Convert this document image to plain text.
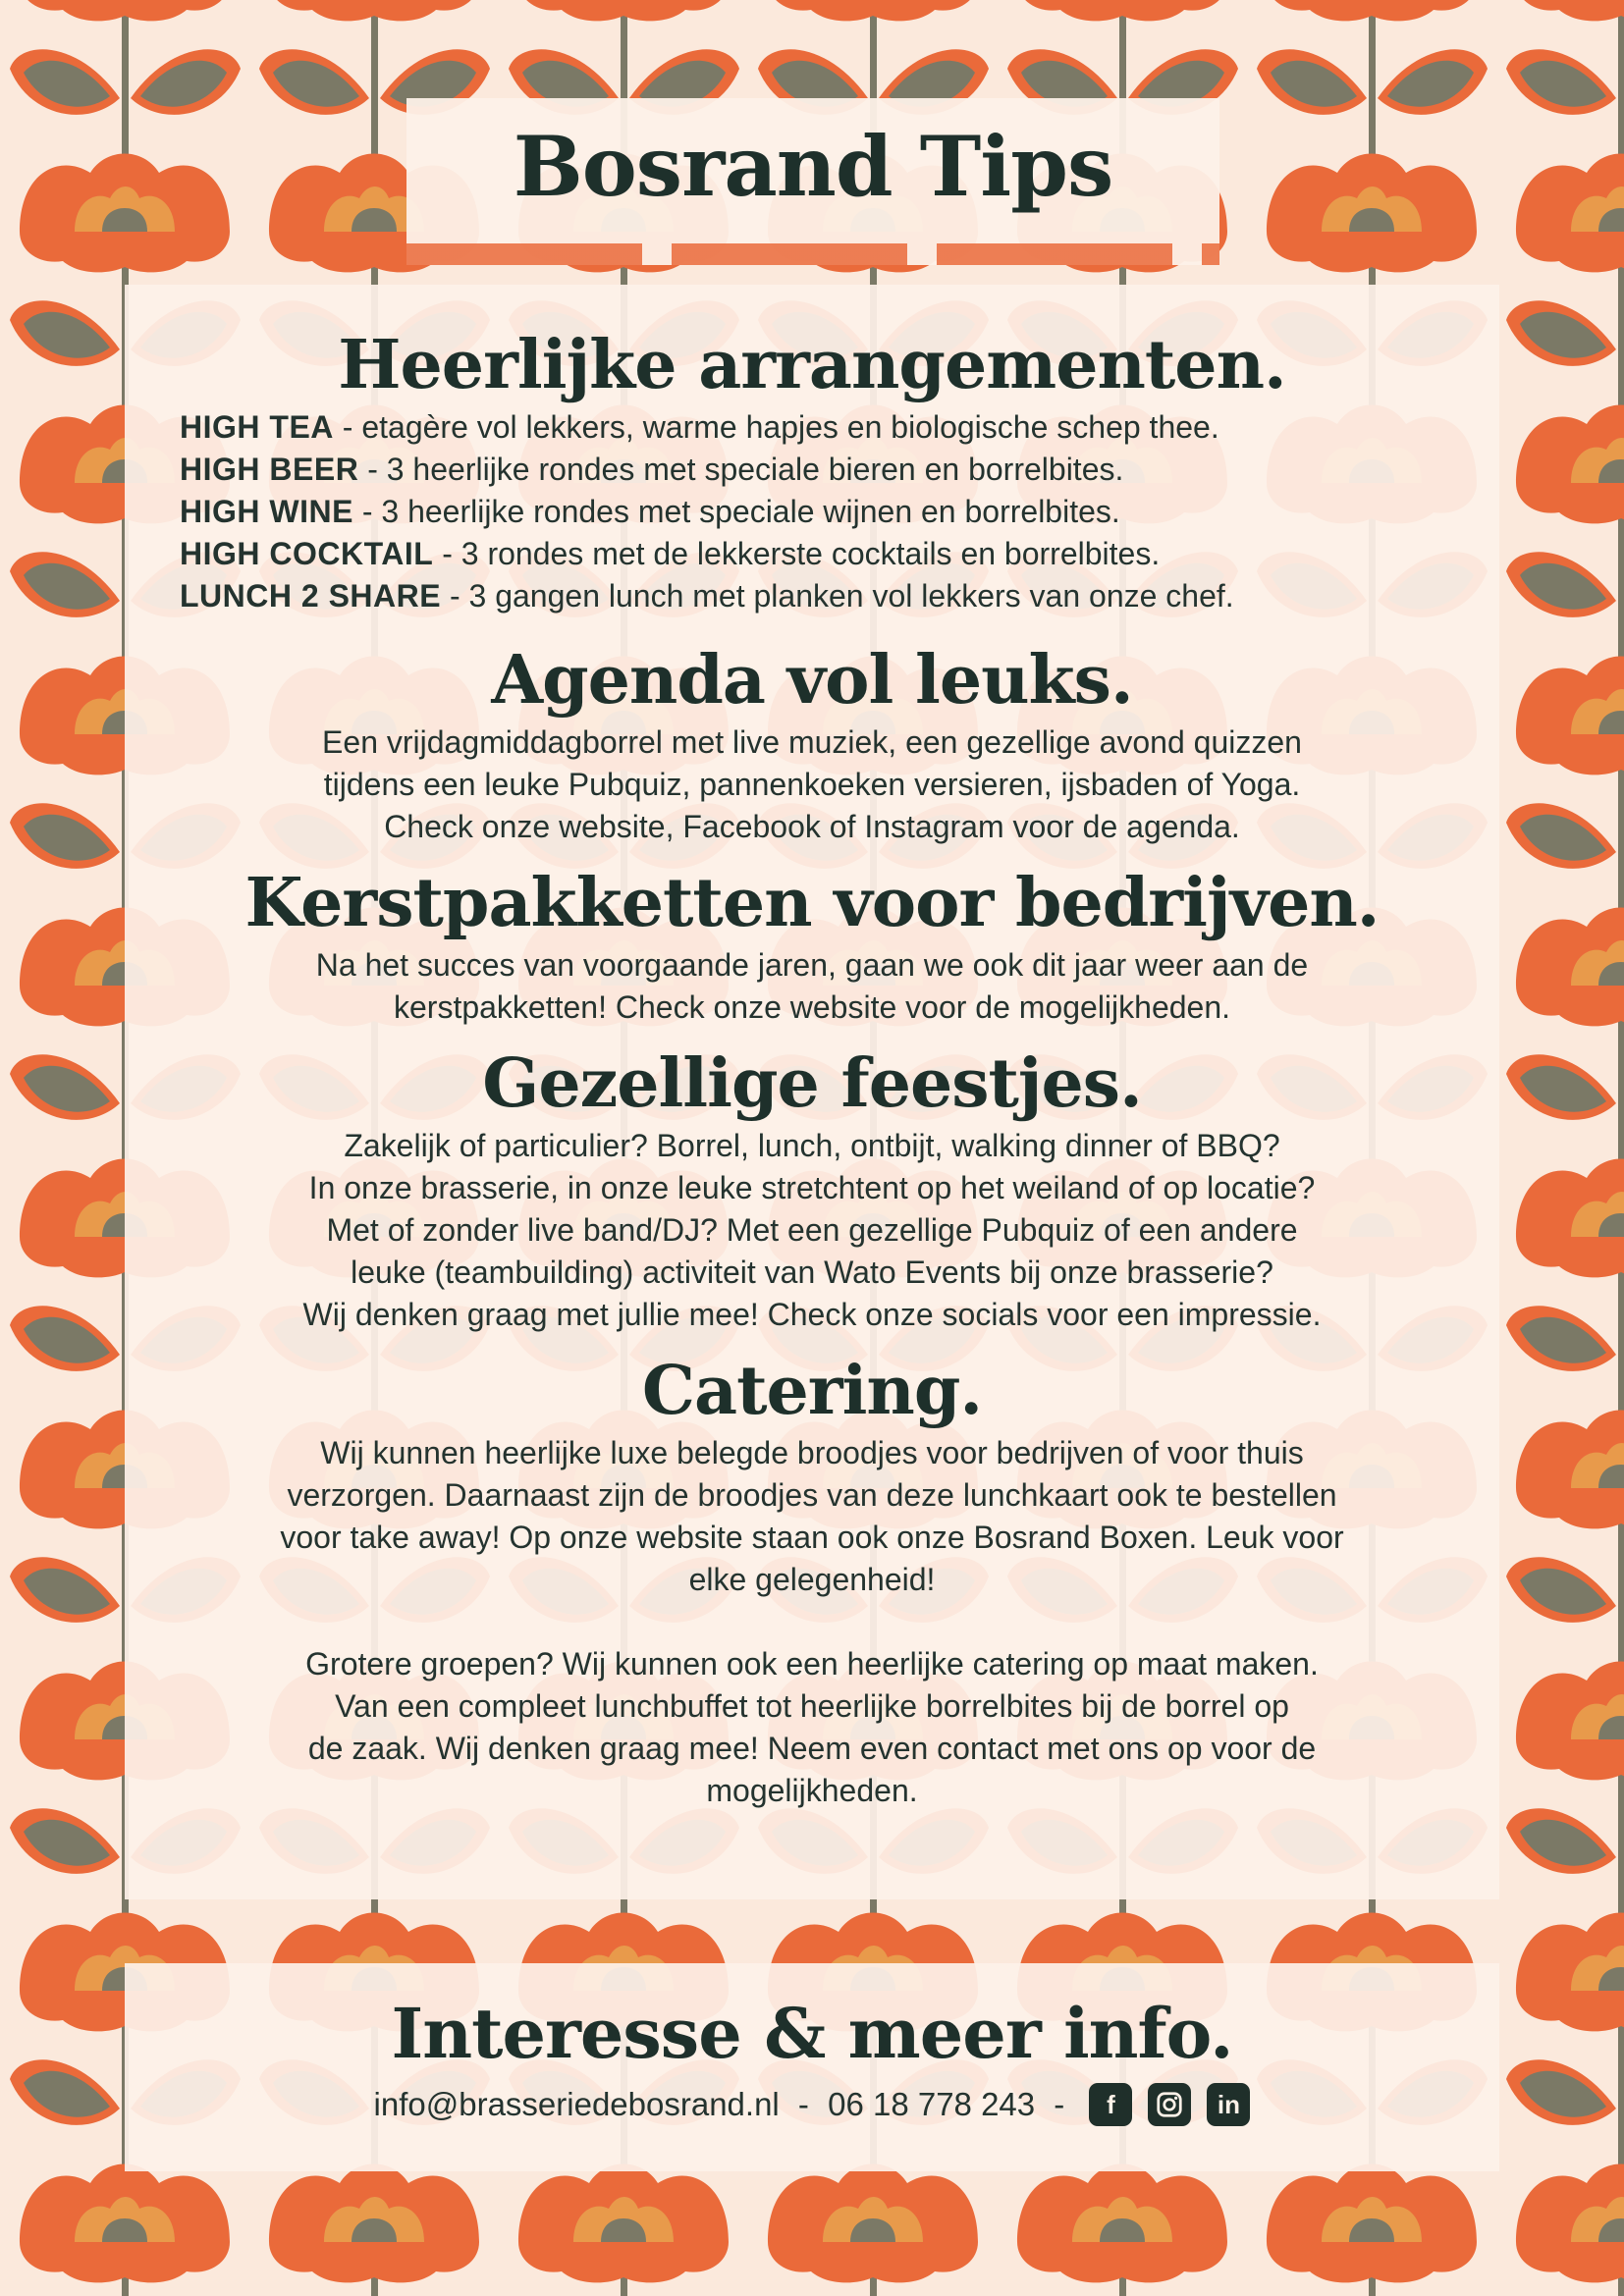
Bosrand Tips
Heerlijke arrangementen.
HIGH TEA - etagère vol lekkers, warme hapjes en biologische schep thee.
HIGH BEER - 3 heerlijke rondes met speciale bieren en borrelbites.
HIGH WINE - 3 heerlijke rondes met speciale wijnen en borrelbites.
HIGH COCKTAIL - 3 rondes met de lekkerste cocktails en borrelbites.
LUNCH 2 SHARE - 3 gangen lunch met planken vol lekkers van onze chef.
Agenda vol leuks.

Een vrijdagmiddagborrel met live muziek, een gezellige avond quizzen
tijdens een leuke Pubquiz, pannenkoeken versieren, ijsbaden of Yoga.
Check onze website, Facebook of Instagram voor de agenda.

Kerstpakketten voor bedrijven.

Na het succes van voorgaande jaren, gaan we ook dit jaar weer aan de
kerstpakketten! Check onze website voor de mogelijkheden.

Gezellige feestjes.

Zakelijk of particulier? Borrel, lunch, ontbijt, walking dinner of BBQ?
In onze brasserie, in onze leuke stretchtent op het weiland of op locatie?
Met of zonder live band/DJ? Met een gezellige Pubquiz of een andere
leuke (teambuilding) activiteit van Wato Events bij onze brasserie?
Wij denken graag met jullie mee! Check onze socials voor een impressie.

Catering.

Wij kunnen heerlijke luxe belegde broodjes voor bedrijven of voor thuis
verzorgen. Daarnaast zijn de broodjes van deze lunchkaart ook te bestellen
voor take away! Op onze website staan ook onze Bosrand Boxen. Leuk voor
elke gelegenheid!

Grotere groepen? Wij kunnen ook een heerlijke catering op maat maken.
Van een compleet lunchbuffet tot heerlijke borrelbites bij de borrel op
de zaak. Wij denken graag mee! Neem even contact met ons op voor de
mogelijkheden.

Interesse & meer info.
info@brasseriedebosrand.nl - 06 18 778 243 - f	in
